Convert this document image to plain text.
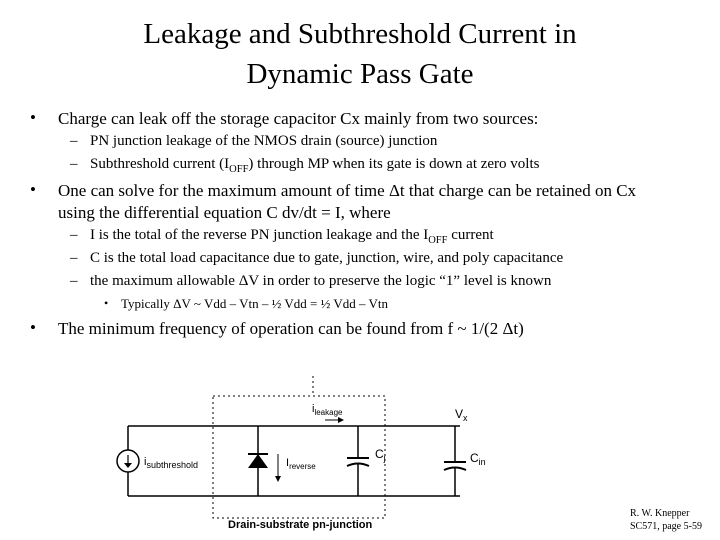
Leakage and Subthreshold Current in
Dynamic Pass Gate
• Charge can leak off the storage capacitor Cx mainly from two sources:
– PN junction leakage of the NMOS drain (source) junction
– Subthreshold current $(I_{OFF})$ through MP when its gate is down at zero volts
• One can solve for the maximum amount of time Δt that charge can be retained on Cx
using the differential equation C dv/dt = I, where
– I is the total of the reverse PN junction leakage and the $I_{OFF}$ current
– C is the total load capacitance due to gate, junction, wire, and poly capacitance
– the maximum allowable ΔV in order to preserve the logic “1” level is known
• Typically ΔV ~ Vdd – Vtn – ½ Vdd = ½ Vdd – Vtn
• The minimum frequency of operation can be found from f ~ 1/(2 Δt)
$i_{leakage}$	$V_x$
$i_{subthreshold}$	$I_{reverse}$
$C_j$	$C_{in}$
Drain-substrate pn-junction
R. W. Knepper
SC571, page 5-59
